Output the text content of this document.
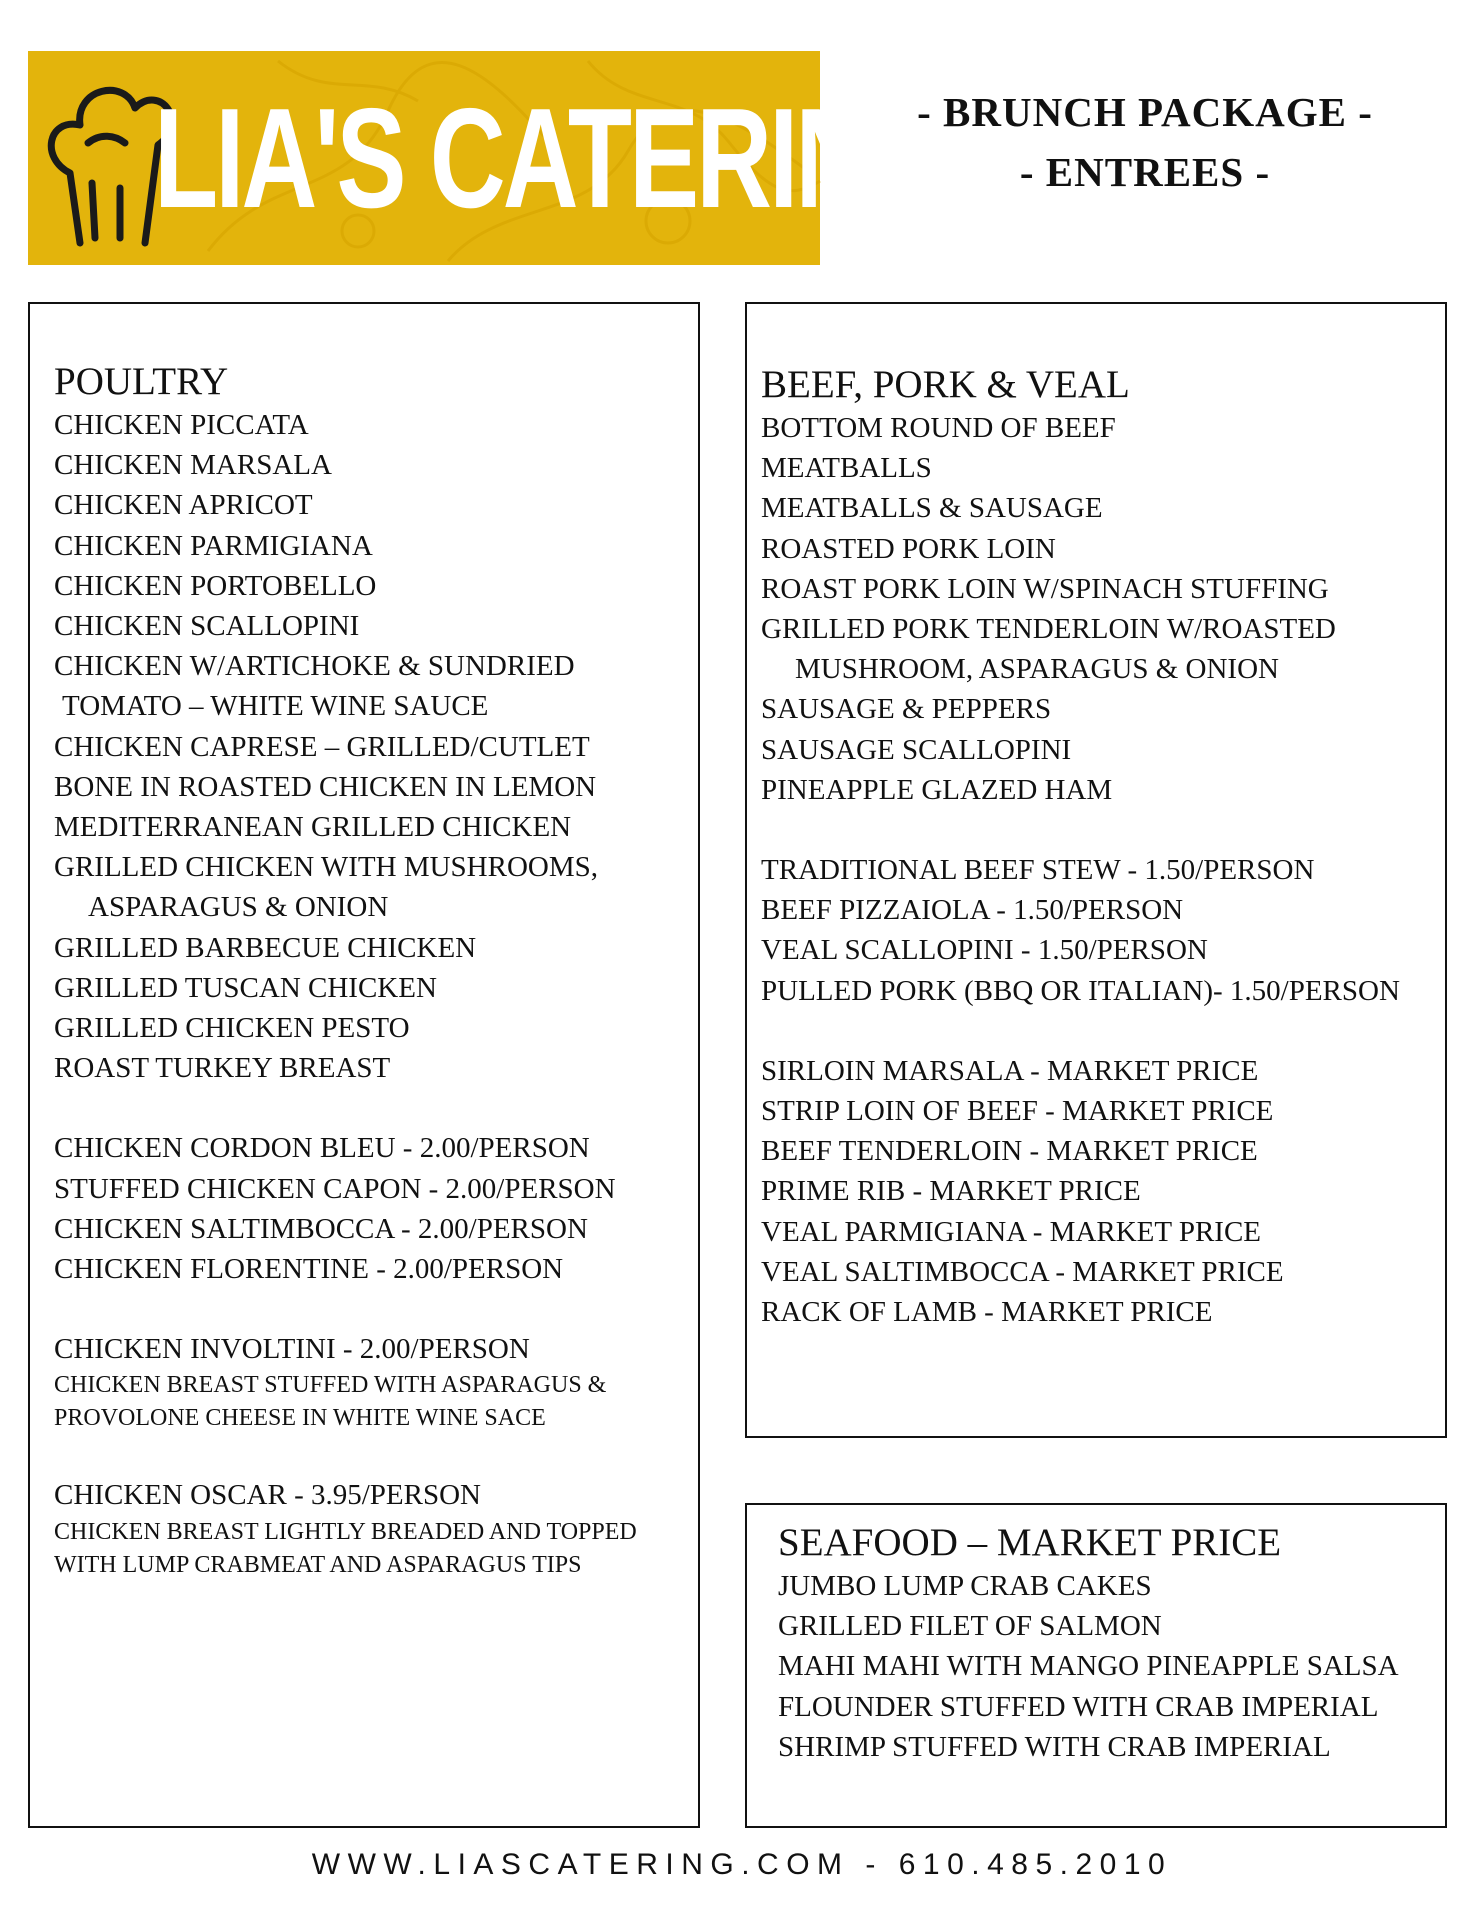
LIA'S CATERING
- BRUNCH PACKAGE -
- ENTREES -
POULTRY
CHICKEN PICCATA
CHICKEN MARSALA
CHICKEN APRICOT
CHICKEN PARMIGIANA
CHICKEN PORTOBELLO
CHICKEN SCALLOPINI
CHICKEN W/ARTICHOKE & SUNDRIED
TOMATO – WHITE WINE SAUCE
CHICKEN CAPRESE – GRILLED/CUTLET
BONE IN ROASTED CHICKEN IN LEMON
MEDITERRANEAN GRILLED CHICKEN
GRILLED CHICKEN WITH MUSHROOMS,
ASPARAGUS & ONION
GRILLED BARBECUE CHICKEN
GRILLED TUSCAN CHICKEN
GRILLED CHICKEN PESTO
ROAST TURKEY BREAST
CHICKEN CORDON BLEU - 2.00/PERSON
STUFFED CHICKEN CAPON - 2.00/PERSON
CHICKEN SALTIMBOCCA - 2.00/PERSON
CHICKEN FLORENTINE - 2.00/PERSON
CHICKEN INVOLTINI - 2.00/PERSON
CHICKEN BREAST STUFFED WITH ASPARAGUS &
PROVOLONE CHEESE IN WHITE WINE SACE
CHICKEN OSCAR - 3.95/PERSON
CHICKEN BREAST LIGHTLY BREADED AND TOPPED
WITH LUMP CRABMEAT AND ASPARAGUS TIPS
BEEF, PORK & VEAL
BOTTOM ROUND OF BEEF
MEATBALLS
MEATBALLS & SAUSAGE
ROASTED PORK LOIN
ROAST PORK LOIN W/SPINACH STUFFING
GRILLED PORK TENDERLOIN W/ROASTED
MUSHROOM, ASPARAGUS & ONION
SAUSAGE & PEPPERS
SAUSAGE SCALLOPINI
PINEAPPLE GLAZED HAM
TRADITIONAL BEEF STEW - 1.50/PERSON
BEEF PIZZAIOLA - 1.50/PERSON
VEAL SCALLOPINI - 1.50/PERSON
PULLED PORK (BBQ OR ITALIAN)- 1.50/PERSON
SIRLOIN MARSALA - MARKET PRICE
STRIP LOIN OF BEEF - MARKET PRICE
BEEF TENDERLOIN - MARKET PRICE
PRIME RIB - MARKET PRICE
VEAL PARMIGIANA - MARKET PRICE
VEAL SALTIMBOCCA - MARKET PRICE
RACK OF LAMB - MARKET PRICE
SEAFOOD – MARKET PRICE
JUMBO LUMP CRAB CAKES
GRILLED FILET OF SALMON
MAHI MAHI WITH MANGO PINEAPPLE SALSA
FLOUNDER STUFFED WITH CRAB IMPERIAL
SHRIMP STUFFED WITH CRAB IMPERIAL
WWW.LIASCATERING.COM - 610.485.2010
